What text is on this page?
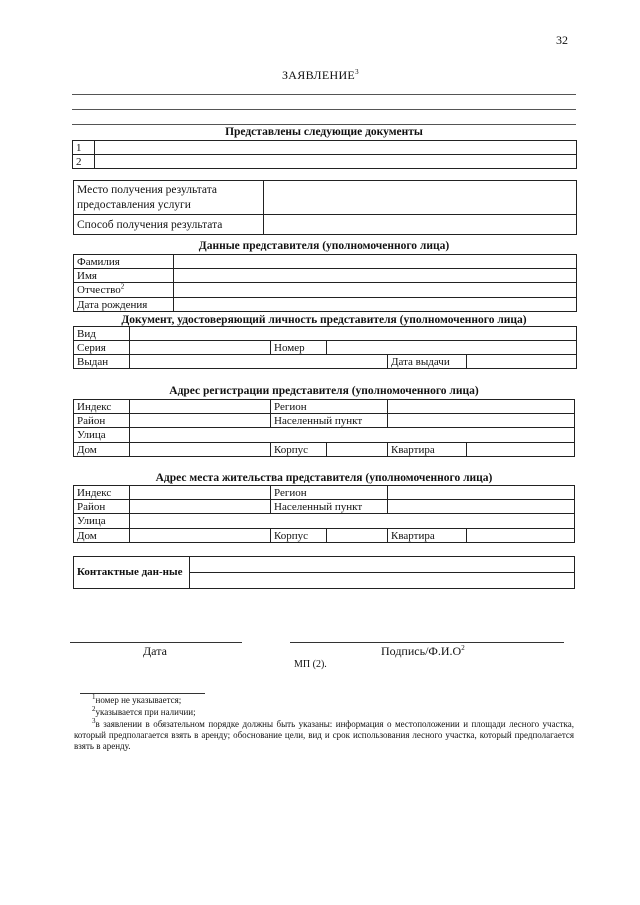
32
ЗАЯВЛЕНИЕ$^3$
Представлены следующие документы
1	
2	
Место получения результата предоставления услуги	
Способ получения результата	
Данные представителя (уполномоченного лица)
Фамилия	
Имя	
Отчество$^2$	
Дата рождения	
Документ, удостоверяющий личность представителя (уполномоченного лица)
Вид					
Серия		Номер			
Выдан				Дата выдачи	
Адрес регистрации представителя (уполномоченного лица)
Индекс		Регион			
Район		Населенный пункт			
Улица					
Дом		Корпус		Квартира	
Адрес места жительства представителя (уполномоченного лица)
Индекс		Регион			
Район		Населенный пункт			
Улица					
Дом		Корпус		Квартира	
Контактные дан-ные	

Дата	Подпись/$Ф.И.О^2$
МП (2).
$^1$номер не указывается;
$^2$указывается при наличии;
$^3$в заявлении в обязательном порядке должны быть указаны: информация о местоположении и площади лесного участка, который предполагается взять в аренду; обоснование цели, вид и срок использования лесного участка, который предполагается взять в аренду.
